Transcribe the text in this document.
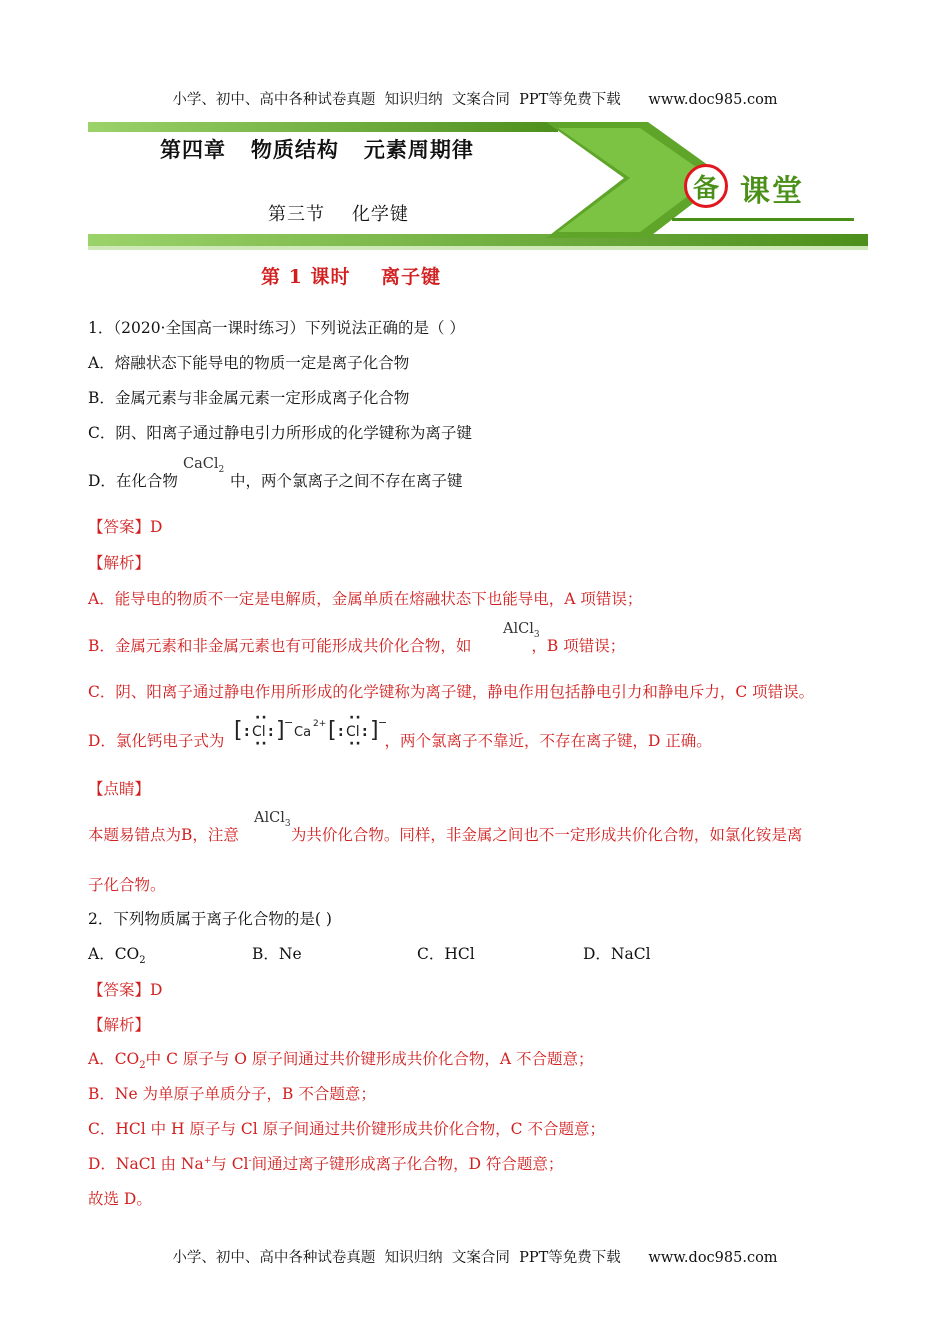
小学、初中、高中各种试卷真题  知识归纳  文案合同  PPT等免费下载      www.doc985.com
第四章   物质结构   元素周期律
第三节    化学键
备 课堂
第 1 课时    离子键
1．（2020·全国高一课时练习）下列说法正确的是（ ）
A．熔融状态下能导电的物质一定是离子化合物
B．金属元素与非金属元素一定形成离子化合物
C．阴、阳离子通过静电引力所形成的化学键称为离子键
D．在化合物	中，两个氯离子之间不存在离子键
CaCl$_2$
【答案】D
【解析】
A．能导电的物质不一定是电解质，金属单质在熔融状态下也能导电，A 项错误；
B．金属元素和非金属元素也有可能形成共价化合物，如	，B 项错误；
AlCl$_3$
C．阴、阳离子通过静电作用所形成的化学键称为离子键，静电作用包括静电引力和静电斥力，C 项错误。
D．氯化钙电子式为	，两个氯离子不靠近，不存在离子键，D 正确。
[ : Cl
··
··
: ] −
Ca
2+ [ : Cl
··
··
: ] −
【点睛】
本题易错点为B，注意	为共价化合物。同样，非金属之间也不一定形成共价化合物，如氯化铵是离
AlCl$_3$
子化合物。
2．下列物质属于离子化合物的是( )
A．$CO_2$	B．Ne	C．HCl	D．NaCl
【答案】D
【解析】
A．$CO_2$中 C 原子与 O 原子间通过共价键形成共价化合物，A 不合题意；
B．Ne 为单原子单质分子，B 不合题意；
C．HCl 中 H 原子与 Cl 原子间通过共价键形成共价化合物，C 不合题意；
D．NaCl 由 Na+与 Cl-间通过离子键形成离子化合物，D 符合题意；
故选 D。
小学、初中、高中各种试卷真题  知识归纳  文案合同  PPT等免费下载      www.doc985.com
